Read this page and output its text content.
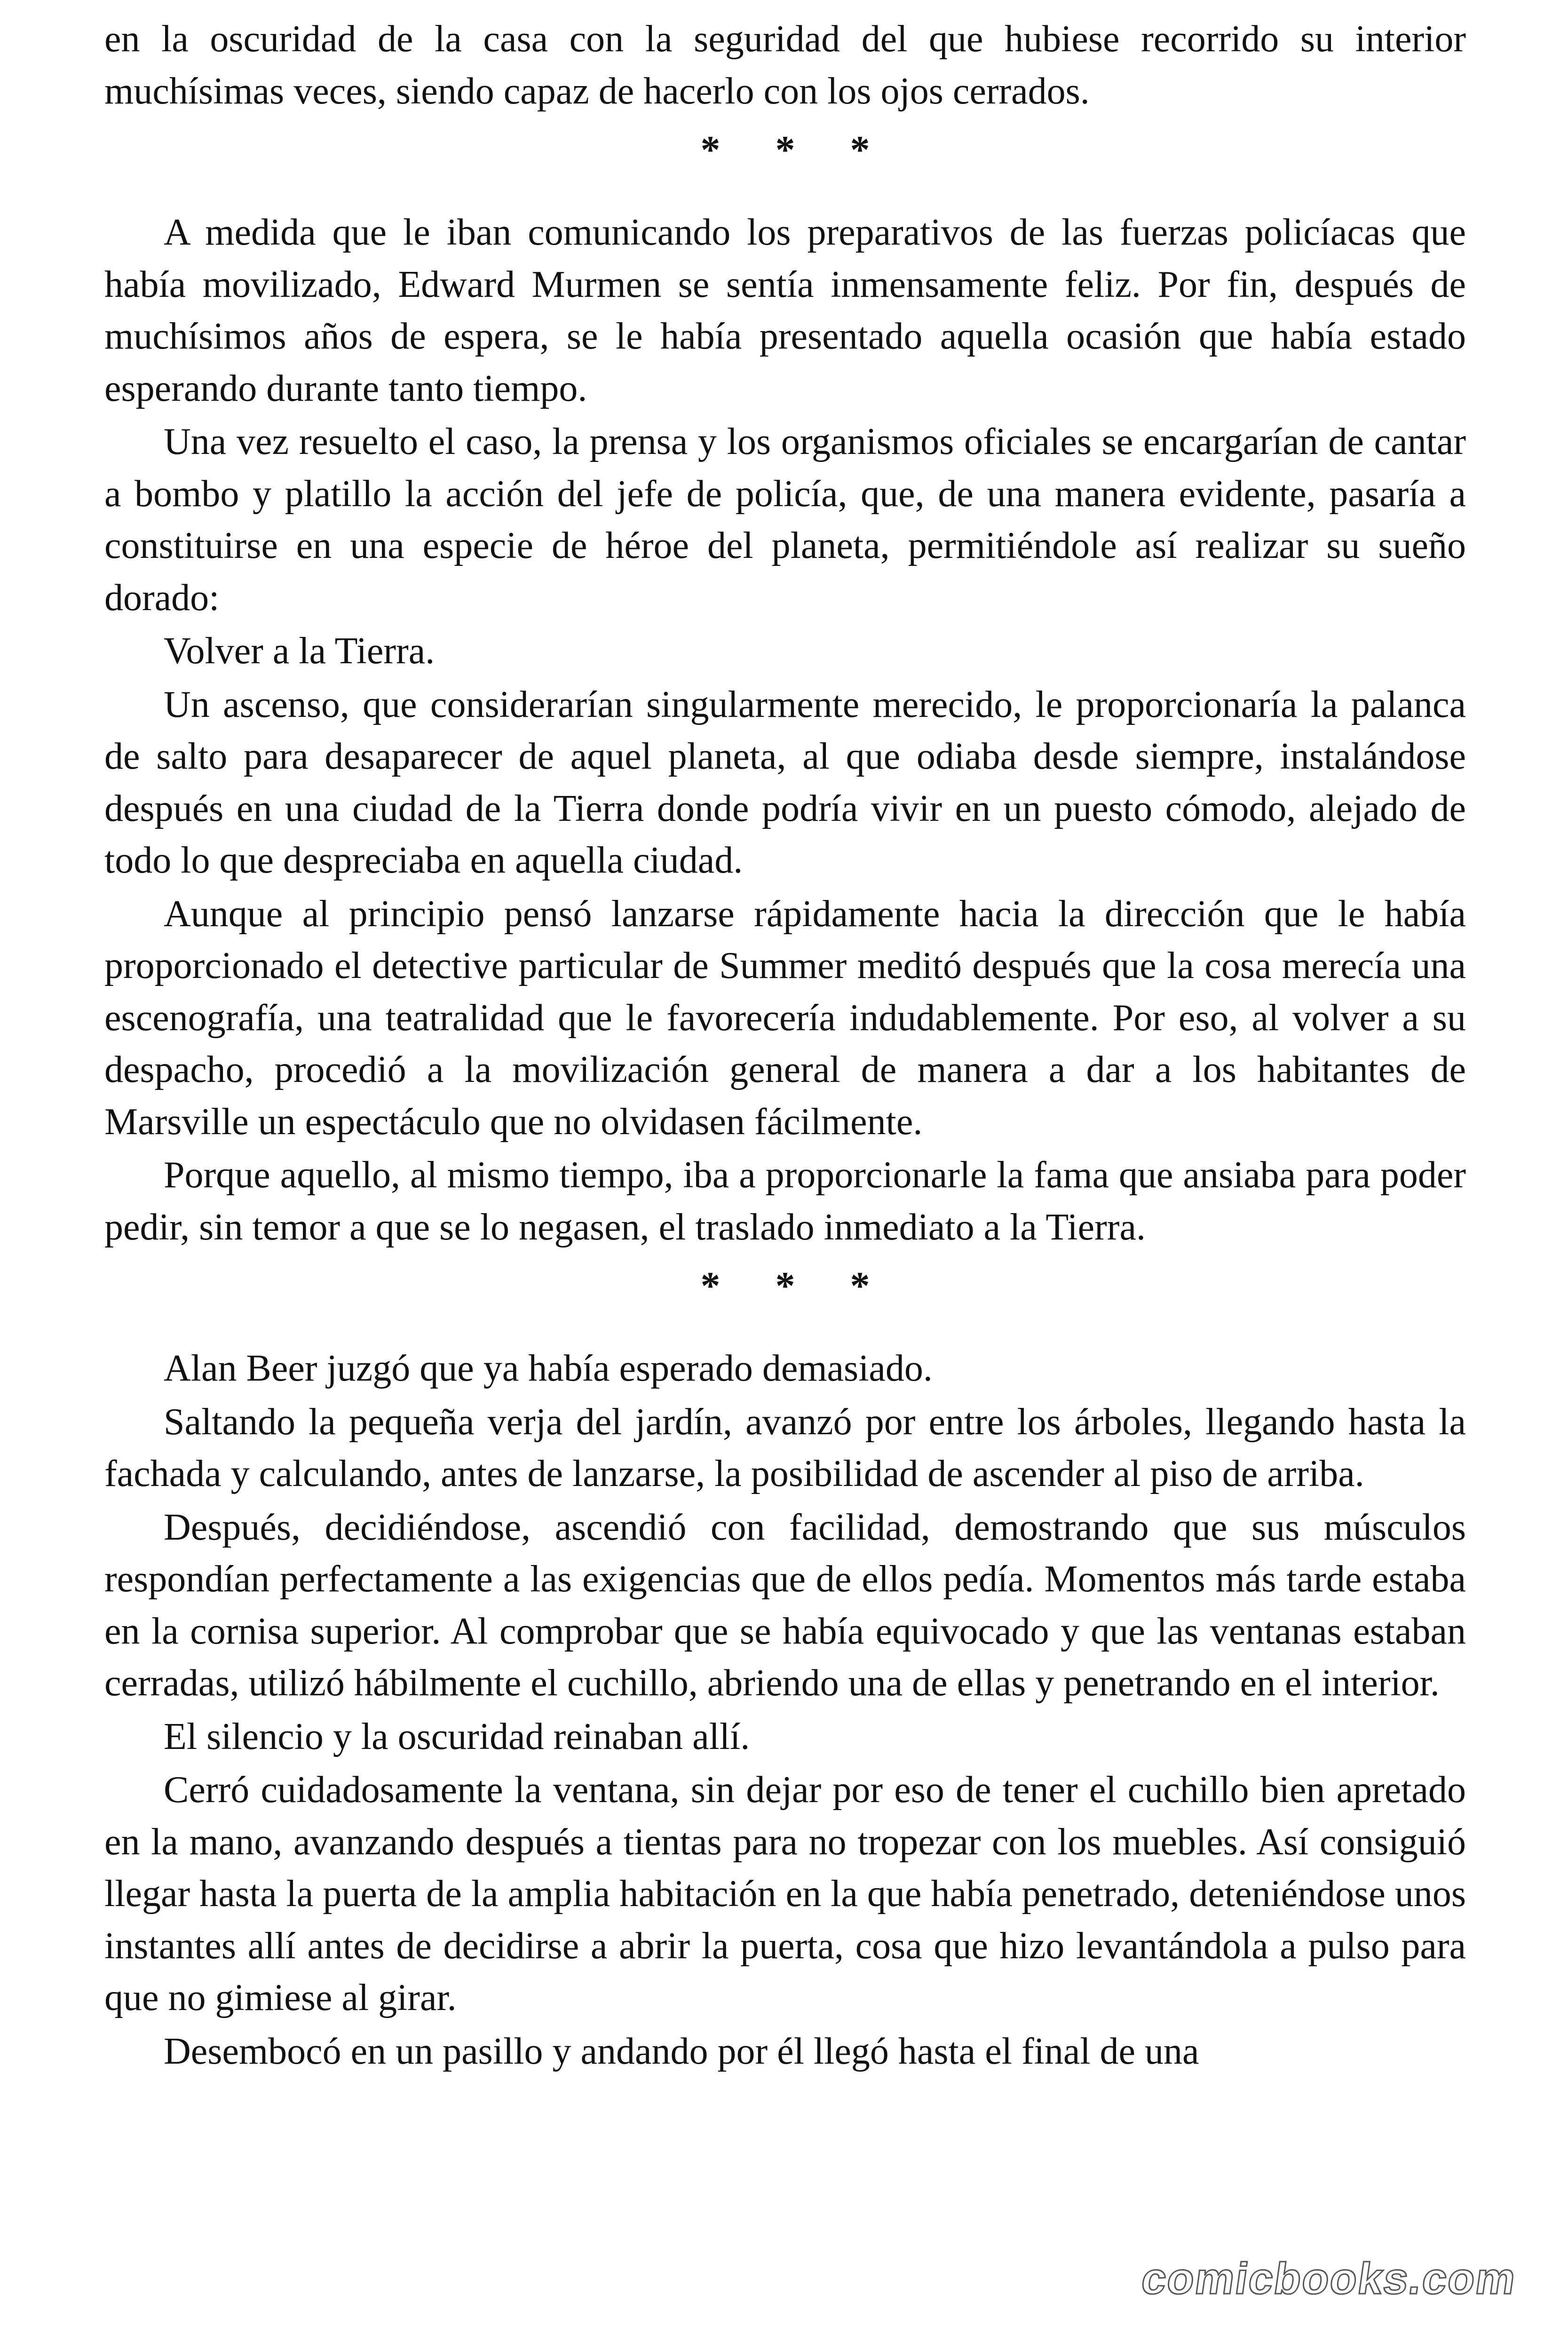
en la oscuridad de la casa con la seguridad del que hubiese recorrido su interior muchísimas veces, siendo capaz de hacerlo con los ojos cerrados.

* * *

A medida que le iban comunicando los preparativos de las fuerzas policíacas que había movilizado, Edward Murmen se sentía inmensamente feliz. Por fin, después de muchísimos años de espera, se le había presentado aquella ocasión que había estado esperando durante tanto tiempo.

Una vez resuelto el caso, la prensa y los organismos oficiales se encargarían de cantar a bombo y platillo la acción del jefe de policía, que, de una manera evidente, pasaría a constituirse en una especie de héroe del planeta, permitiéndole así realizar su sueño dorado:

Volver a la Tierra.

Un ascenso, que considerarían singularmente merecido, le proporcionaría la palanca de salto para desaparecer de aquel planeta, al que odiaba desde siempre, instalándose después en una ciudad de la Tierra donde podría vivir en un puesto cómodo, alejado de todo lo que despreciaba en aquella ciudad.

Aunque al principio pensó lanzarse rápidamente hacia la dirección que le había proporcionado el detective particular de Summer meditó después que la cosa merecía una escenografía, una teatralidad que le favorecería indudablemente. Por eso, al volver a su despacho, procedió a la movilización general de manera a dar a los habitantes de Marsville un espectáculo que no olvidasen fácilmente.

Porque aquello, al mismo tiempo, iba a proporcionarle la fama que ansiaba para poder pedir, sin temor a que se lo negasen, el traslado inmediato a la Tierra.

* * *

Alan Beer juzgó que ya había esperado demasiado.

Saltando la pequeña verja del jardín, avanzó por entre los árboles, llegando hasta la fachada y calculando, antes de lanzarse, la posibilidad de ascender al piso de arriba.

Después, decidiéndose, ascendió con facilidad, demostrando que sus músculos respondían perfectamente a las exigencias que de ellos pedía. Momentos más tarde estaba en la cornisa superior. Al comprobar que se había equivocado y que las ventanas estaban cerradas, utilizó hábilmente el cuchillo, abriendo una de ellas y penetrando en el interior.

El silencio y la oscuridad reinaban allí.

Cerró cuidadosamente la ventana, sin dejar por eso de tener el cuchillo bien apretado en la mano, avanzando después a tientas para no tropezar con los muebles. Así consiguió llegar hasta la puerta de la amplia habitación en la que había penetrado, deteniéndose unos instantes allí antes de decidirse a abrir la puerta, cosa que hizo levantándola a pulso para que no gimiese al girar.

Desembocó en un pasillo y andando por él llegó hasta el final de una

comicbooks.com
